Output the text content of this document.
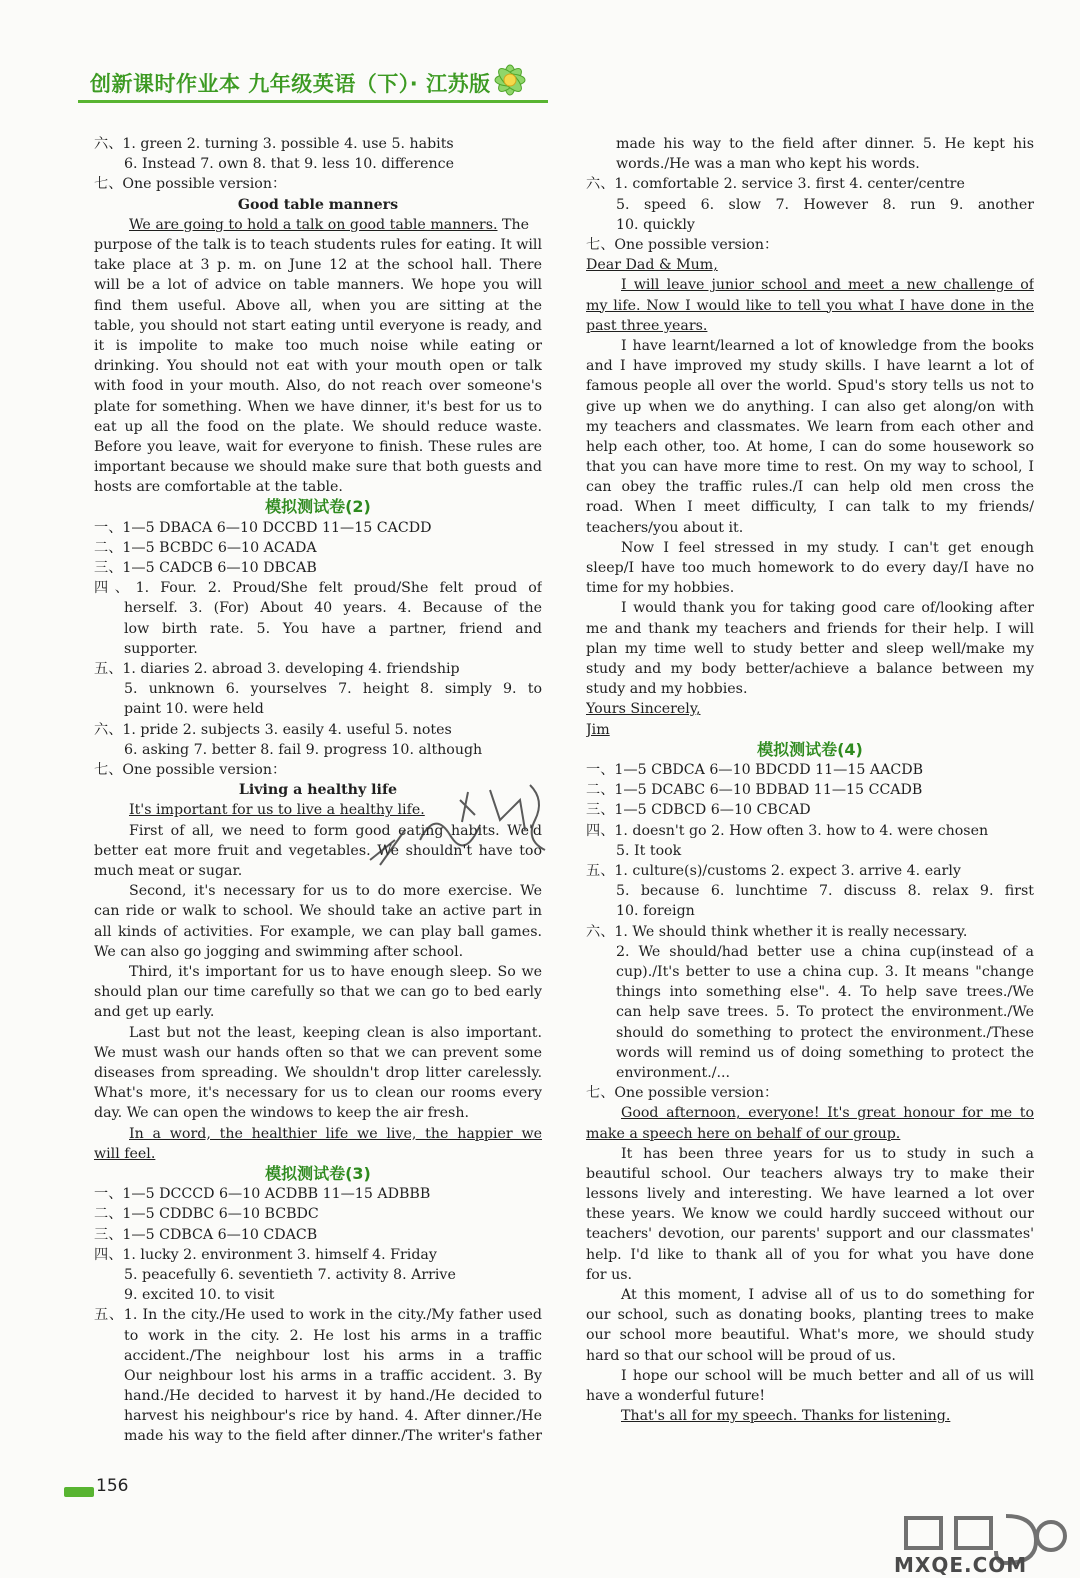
创新课时作业本 九年级英语（下）· 江苏版
六、1. green 2. turning 3. possible 4. use 5. habits
6. Instead 7. own 8. that 9. less 10. difference
七、One possible version：
Good table manners
We are going to hold a talk on good table manners. The
purpose of the talk is to teach students rules for eating. It will
take place at 3 p. m. on June 12 at the school hall. There
will be a lot of advice on table manners. We hope you will
find them useful. Above all, when you are sitting at the
table, you should not start eating until everyone is ready, and
it is impolite to make too much noise while eating or
drinking. You should not eat with your mouth open or talk
with food in your mouth. Also, do not reach over someone's
plate for something. When we have dinner, it's best for us to
eat up all the food on the plate. We should reduce waste.
Before you leave, wait for everyone to finish. These rules are
important because we should make sure that both guests and
hosts are comfortable at the table.
模拟测试卷(2)
一、1—5 DBACA 6—10 DCCBD 11—15 CACDD
二、1—5 BCBDC 6—10 ACADA
三、1—5 CADCB 6—10 DBCAB
四、1. Four. 2. Proud/She felt proud/She felt proud of
herself. 3. (For) About 40 years. 4. Because of the
low birth rate. 5. You have a partner, friend and
supporter.
五、1. diaries 2. abroad 3. developing 4. friendship
5. unknown 6. yourselves 7. height 8. simply 9. to
paint 10. were held
六、1. pride 2. subjects 3. easily 4. useful 5. notes
6. asking 7. better 8. fail 9. progress 10. although
七、One possible version：
Living a healthy life
It's important for us to live a healthy life.
First of all, we need to form good eating habits. We'd
better eat more fruit and vegetables. We shouldn't have too
much meat or sugar.
Second, it's necessary for us to do more exercise. We
can ride or walk to school. We should take an active part in
all kinds of activities. For example, we can play ball games.
We can also go jogging and swimming after school.
Third, it's important for us to have enough sleep. So we
should plan our time carefully so that we can go to bed early
and get up early.
Last but not the least, keeping clean is also important.
We must wash our hands often so that we can prevent some
diseases from spreading. We shouldn't drop litter carelessly.
What's more, it's necessary for us to clean our rooms every
day. We can open the windows to keep the air fresh.
In a word, the healthier life we live, the happier we
will feel.
模拟测试卷(3)
一、1—5 DCCCD 6—10 ACDBB 11—15 ADBBB
二、1—5 CDDBC 6—10 BCBDC
三、1—5 CDBCA 6—10 CDACB
四、1. lucky 2. environment 3. himself 4. Friday
5. peacefully 6. seventieth 7. activity 8. Arrive
9. excited 10. to visit
五、1. In the city./He used to work in the city./My father used
to work in the city. 2. He lost his arms in a traffic
accident./The neighbour lost his arms in a traffic
Our neighbour lost his arms in a traffic accident. 3. By
hand./He decided to harvest it by hand./He decided to
harvest his neighbour's rice by hand. 4. After dinner./He
made his way to the field after dinner./The writer's father
made his way to the field after dinner. 5. He kept his
words./He was a man who kept his words.
六、1. comfortable 2. service 3. first 4. center/centre
5. speed 6. slow 7. However 8. run 9. another
10. quickly
七、One possible version：
Dear Dad & Mum,
I will leave junior school and meet a new challenge of
my life. Now I would like to tell you what I have done in the
past three years.
I have learnt/learned a lot of knowledge from the books
and I have improved my study skills. I have learnt a lot of
famous people all over the world. Spud's story tells us not to
give up when we do anything. I can also get along/on with
my teachers and classmates. We learn from each other and
help each other, too. At home, I can do some housework so
that you can have more time to rest. On my way to school, I
can obey the traffic rules./I can help old men cross the
road. When I meet difficulty, I can talk to my friends/
teachers/you about it.
Now I feel stressed in my study. I can't get enough
sleep/I have too much homework to do every day/I have no
time for my hobbies.
I would thank you for taking good care of/looking after
me and thank my teachers and friends for their help. I will
plan my time well to study better and sleep well/make my
study and my body better/achieve a balance between my
study and my hobbies.
Yours Sincerely,
Jim
模拟测试卷(4)
一、1—5 CBDCA 6—10 BDCDD 11—15 AACDB
二、1—5 DCABC 6—10 BDBAD 11—15 CCADB
三、1—5 CDBCD 6—10 CBCAD
四、1. doesn't go 2. How often 3. how to 4. were chosen
5. It took
五、1. culture(s)/customs 2. expect 3. arrive 4. early
5. because 6. lunchtime 7. discuss 8. relax 9. first
10. foreign
六、1. We should think whether it is really necessary.
2. We should/had better use a china cup(instead of a
cup)./It's better to use a china cup. 3. It means "change
things into something else". 4. To help save trees./We
can help save trees. 5. To protect the environment./We
should do something to protect the environment./These
words will remind us of doing something to protect the
environment./...
七、One possible version：
Good afternoon, everyone! It's great honour for me to
make a speech here on behalf of our group.
It has been three years for us to study in such a
beautiful school. Our teachers always try to make their
lessons lively and interesting. We have learned a lot over
these years. We know we could hardly succeed without our
teachers' devotion, our parents' support and our classmates'
help. I'd like to thank all of you for what you have done
for us.
At this moment, I advise all of us to do something for
our school, such as donating books, planting trees to make
our school more beautiful. What's more, we should study
hard so that our school will be proud of us.
I hope our school will be much better and all of us will
have a wonderful future!
That's all for my speech. Thanks for listening.
156
MXQE.COM
